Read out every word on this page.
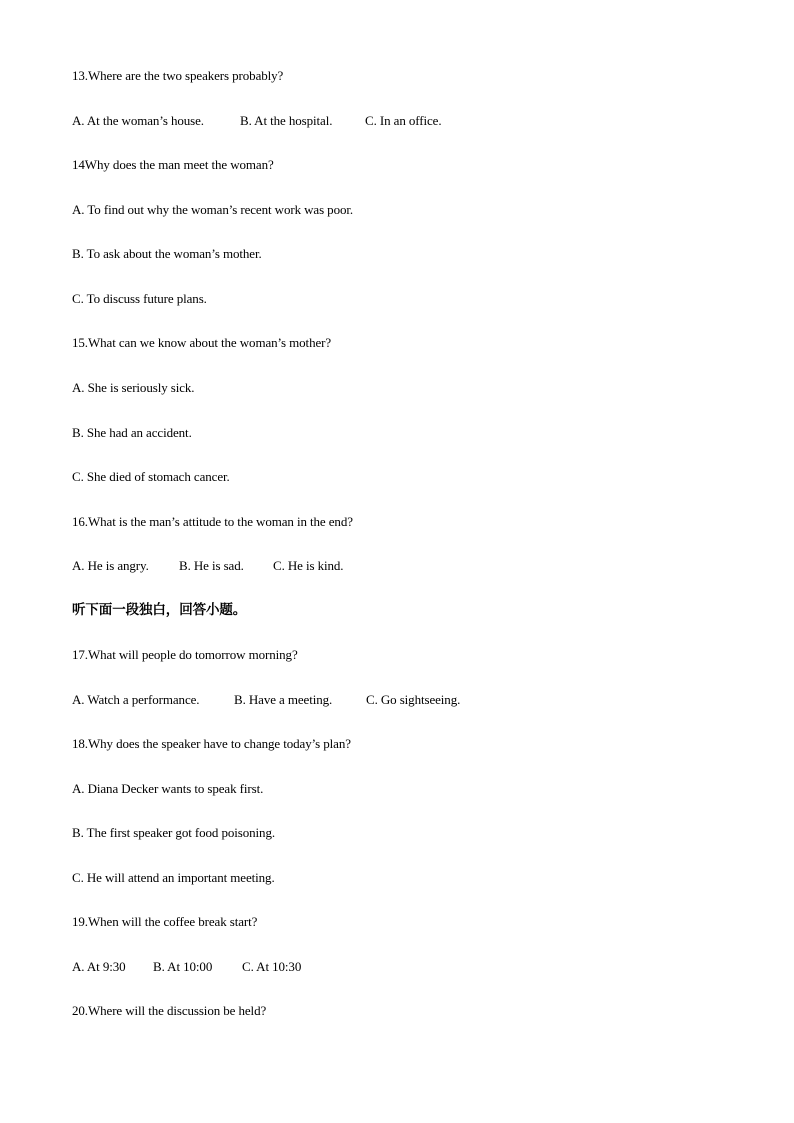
13.Where are the two speakers probably?
A. At the woman’s house.	B. At the hospital.	C. In an office.
14Why does the man meet the woman?
A. To find out why the woman’s recent work was poor.
B. To ask about the woman’s mother.
C. To discuss future plans.
15.What can we know about the woman’s mother?
A. She is seriously sick.
B. She had an accident.
C. She died of stomach cancer.
16.What is the man’s attitude to the woman in the end?
A. He is angry. B. He is sad. C. He is kind.
听下面一段独白，回答小题。
17.What will people do tomorrow morning?
A. Watch a performance.	B. Have a meeting.	C. Go sightseeing.
18.Why does the speaker have to change today’s plan?
A. Diana Decker wants to speak first.
B. The first speaker got food poisoning.
C. He will attend an important meeting.
19.When will the coffee break start?
A. At 9:30 B. At 10:00 C. At 10:30
20.Where will the discussion be held?
